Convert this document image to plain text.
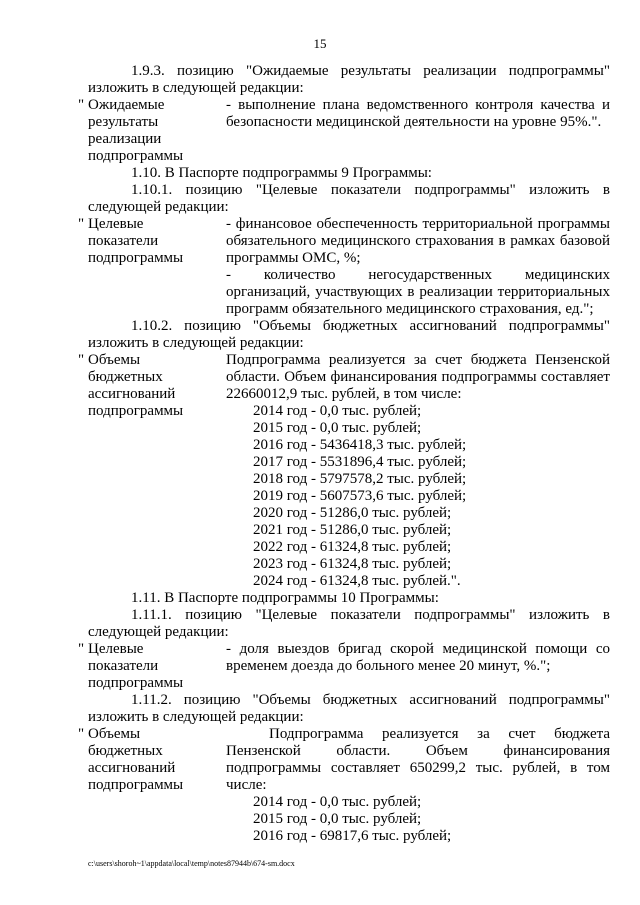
15
1.9.3. позицию "Ожидаемые результаты реализации подпрограммы" изложить в следующей редакции:
" Ожидаемые
результаты
реализации
подпрограммы
- выполнение плана ведомственного контроля качества и безопасности медицинской деятельности на уровне 95%.".
1.10. В Паспорте подпрограммы 9 Программы:
1.10.1. позицию "Целевые показатели подпрограммы" изложить в следующей редакции:
" Целевые
показатели
подпрограммы
- финансовое обеспеченность территориальной программы обязательного медицинского страхования в рамках базовой программы ОМС, %;
- количество негосударственных медицинских организаций, участвующих в реализации территориальных программ обязательного медицинского страхования, ед.";
1.10.2. позицию "Объемы бюджетных ассигнований подпрограммы" изложить в следующей редакции:
" Объемы
бюджетных
ассигнований
подпрограммы
Подпрограмма реализуется за счет бюджета Пензенской области. Объем финансирования подпрограммы составляет 22660012,9 тыс. рублей, в том числе:
2014 год - 0,0 тыс. рублей;
2015 год - 0,0 тыс. рублей;
2016 год - 5436418,3 тыс. рублей;
2017 год - 5531896,4 тыс. рублей;
2018 год - 5797578,2 тыс. рублей;
2019 год - 5607573,6 тыс. рублей;
2020 год - 51286,0 тыс. рублей;
2021 год - 51286,0 тыс. рублей;
2022 год - 61324,8 тыс. рублей;
2023 год - 61324,8 тыс. рублей;
2024 год - 61324,8 тыс. рублей.".
1.11. В Паспорте подпрограммы 10 Программы:
1.11.1. позицию "Целевые показатели подпрограммы" изложить в следующей редакции:
" Целевые
показатели
подпрограммы
- доля выездов бригад скорой медицинской помощи со временем доезда до больного менее 20 минут, %.";
1.11.2. позицию "Объемы бюджетных ассигнований подпрограммы" изложить в следующей редакции:
" Объемы
бюджетных
ассигнований
подпрограммы
Подпрограмма реализуется за счет бюджета Пензенской области. Объем финансирования подпрограммы составляет 650299,2 тыс. рублей, в том числе:
2014 год - 0,0 тыс. рублей;
2015 год - 0,0 тыс. рублей;
2016 год - 69817,6 тыс. рублей;
c:\users\shoroh~1\appdata\local\temp\notes87944b\674-sm.docx
